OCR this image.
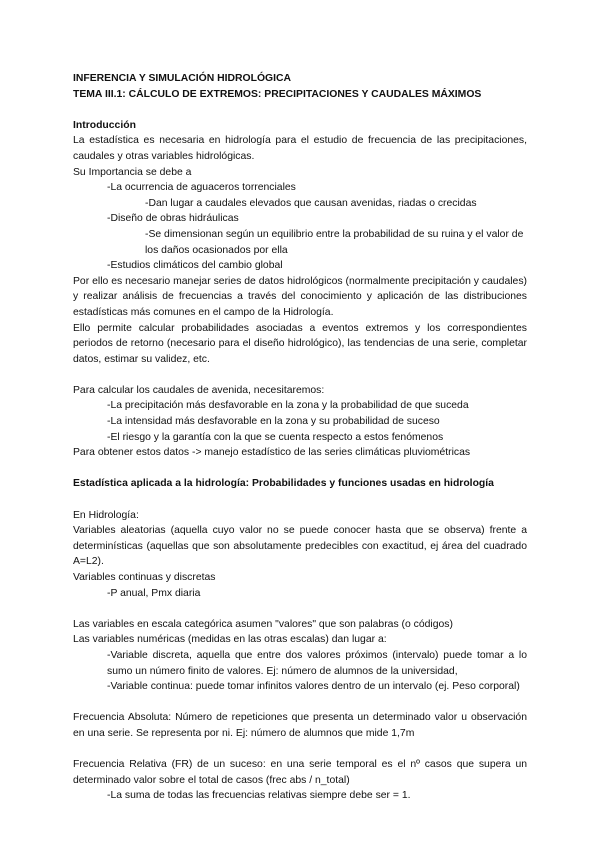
INFERENCIA Y SIMULACIÓN HIDROLÓGICA
TEMA III.1: CÁLCULO DE EXTREMOS: PRECIPITACIONES Y CAUDALES MÁXIMOS
Introducción
La estadística es necesaria en hidrología para el estudio de frecuencia de las precipitaciones, caudales y otras variables hidrológicas.
Su Importancia se debe a
-La ocurrencia de aguaceros torrenciales
-Dan lugar a caudales elevados que causan avenidas, riadas o crecidas
-Diseño de obras hidráulicas
-Se dimensionan según un equilibrio entre la probabilidad de su ruina y el valor de los daños ocasionados por ella
-Estudios climáticos del cambio global
Por ello es necesario manejar series de datos hidrológicos (normalmente precipitación y caudales) y realizar análisis de frecuencias a través del conocimiento y aplicación de las distribuciones estadísticas más comunes en el campo de la Hidrología.
Ello permite calcular probabilidades asociadas a eventos extremos y los correspondientes periodos de retorno (necesario para el diseño hidrológico), las tendencias de una serie, completar datos, estimar su validez, etc.
Para calcular los caudales de avenida, necesitaremos:
-La precipitación más desfavorable en la zona y la probabilidad de que suceda
-La intensidad más desfavorable en la zona y su probabilidad de suceso
-El riesgo y la garantía con la que se cuenta respecto a estos fenómenos
Para obtener estos datos -> manejo estadístico de las series climáticas pluviométricas
Estadística aplicada a la hidrología: Probabilidades y funciones usadas en hidrología
En Hidrología:
Variables aleatorias (aquella cuyo valor no se puede conocer hasta que se observa) frente a determinísticas (aquellas que son absolutamente predecibles con exactitud, ej área del cuadrado A=L2).
Variables continuas y discretas
-P anual, Pmx diaria
Las variables en escala categórica asumen "valores" que son palabras (o códigos)
Las variables numéricas (medidas en las otras escalas) dan lugar a:
-Variable discreta, aquella que entre dos valores próximos (intervalo) puede tomar a lo sumo un número finito de valores. Ej: número de alumnos de la universidad,
-Variable continua: puede tomar infinitos valores dentro de un intervalo (ej. Peso corporal)
Frecuencia Absoluta: Número de repeticiones que presenta un determinado valor u observación en una serie. Se representa por ni. Ej: número de alumnos que mide 1,7m
Frecuencia Relativa (FR) de un suceso: en una serie temporal es el nº casos que supera un determinado valor sobre el total de casos (frec abs / n_total)
-La suma de todas las frecuencias relativas siempre debe ser = 1.
